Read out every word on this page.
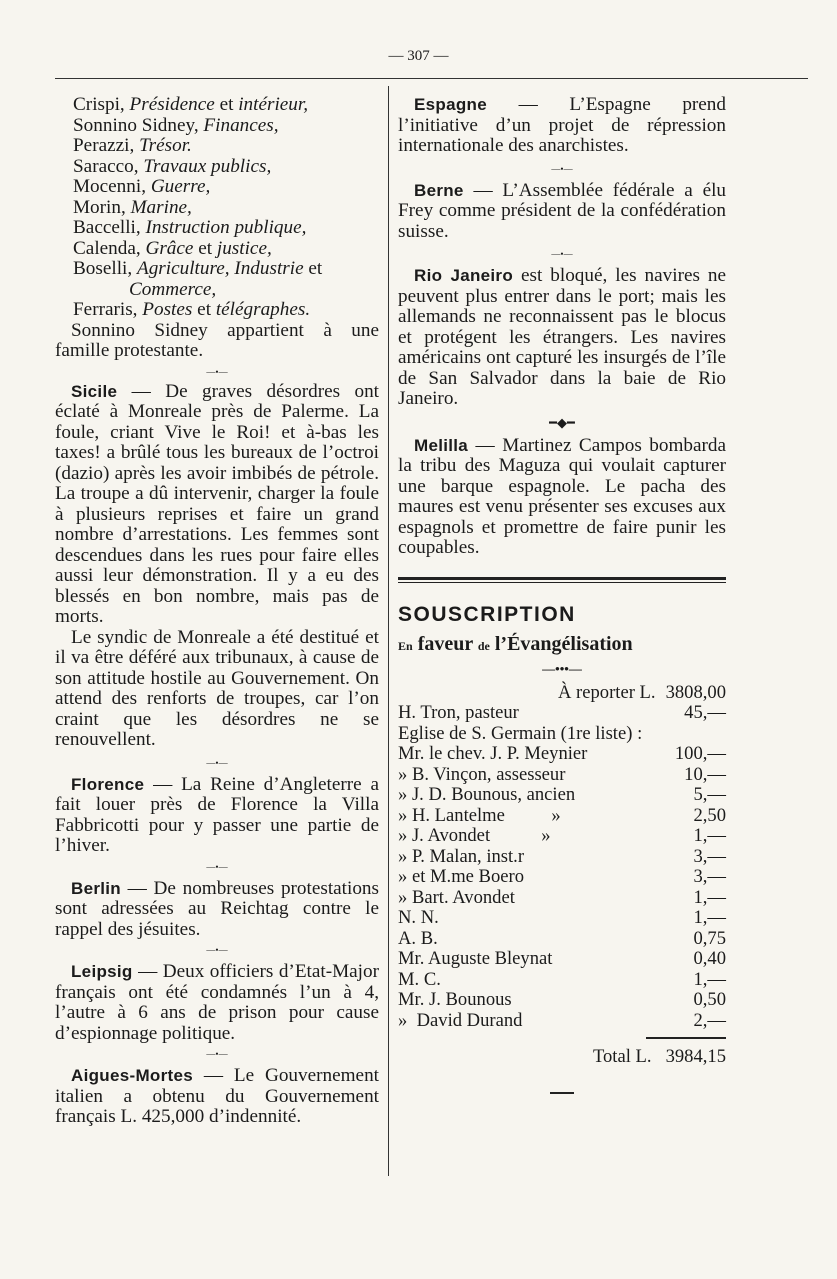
— 307 —
Crispi, Présidence et intérieur,
Sonnino Sidney, Finances,
Perazzi, Trésor.
Saracco, Travaux publics,
Mocenni, Guerre,
Morin, Marine,
Baccelli, Instruction publique,
Calenda, Grâce et justice,
Boselli, Agriculture, Industrie et
Commerce,
Ferraris, Postes et télégraphes.

Sonnino Sidney appartient à une famille protestante.

—•—

Sicile — De graves désordres ont éclaté à Monreale près de Palerme. La foule, criant Vive le Roi! et à-bas les taxes! a brûlé tous les bureaux de l’octroi (dazio) après les avoir imbibés de pétrole. La troupe a dû intervenir, charger la foule à plusieurs reprises et faire un grand nombre d’arrestations. Les femmes sont descendues dans les rues pour faire elles aussi leur démonstration. Il y a eu des blessés en bon nombre, mais pas de morts.

Le syndic de Monreale a été destitué et il va être déféré aux tribunaux, à cause de son attitude hostile au Gouvernement. On attend des renforts de troupes, car l’on craint que les désordres ne se renouvellent.

—•—

Florence — La Reine d’Angleterre a fait louer près de Florence la Villa Fabbricotti pour y passer une partie de l’hiver.

—•—

Berlin — De nombreuses protestations sont adressées au Reichtag contre le rappel des jésuites.

—•—

Leipsig — Deux officiers d’Etat-Major français ont été condamnés l’un à 4, l’autre à 6 ans de prison pour cause d’espionnage politique.

—•—

Aigues-Mortes — Le Gouvernement italien a obtenu du Gouvernement français L. 425,000 d’indennité.

Espagne — L’Espagne prend l’initiative d’un projet de répression internationale des anarchistes.

—•—

Berne — L’Assemblée fédérale a élu Frey comme président de la confédération suisse.

—•—

Rio Janeiro est bloqué, les navires ne peuvent plus entrer dans le port; mais les allemands ne reconnaissent pas le blocus et protégent les étrangers. Les navires américains ont capturé les insurgés de l’île de San Salvador dans la baie de Rio Janeiro.

━◆━

Melilla — Martinez Campos bombarda la tribu des Maguza qui voulait capturer une barque espagnole. Le pacha des maures est venu présenter ses excuses aux espagnols et promettre de faire punir les coupables.

SOUSCRIPTION

En faveur de l’Évangélisation

—•••—
À reporter L. 3808,00
H. Tron, pasteur	45,—
Eglise de S. Germain (1re liste) :
Mr. le chev. J. P. Meynier	100,—
» B. Vinçon, assesseur	10,—
» J. D. Bounous, ancien	5,—
» H. Lantelme          »	2,50
» J. Avondet           »	1,—
» P. Malan, inst.r	3,—
» et M.me Boero	3,—
» Bart. Avondet	1,—
N. N.	1,—
A. B.	0,75
Mr. Auguste Bleynat	0,40
M. C.	1,—
Mr. J. Bounous	0,50
»  David Durand	2,—
Total L. 3984,15
